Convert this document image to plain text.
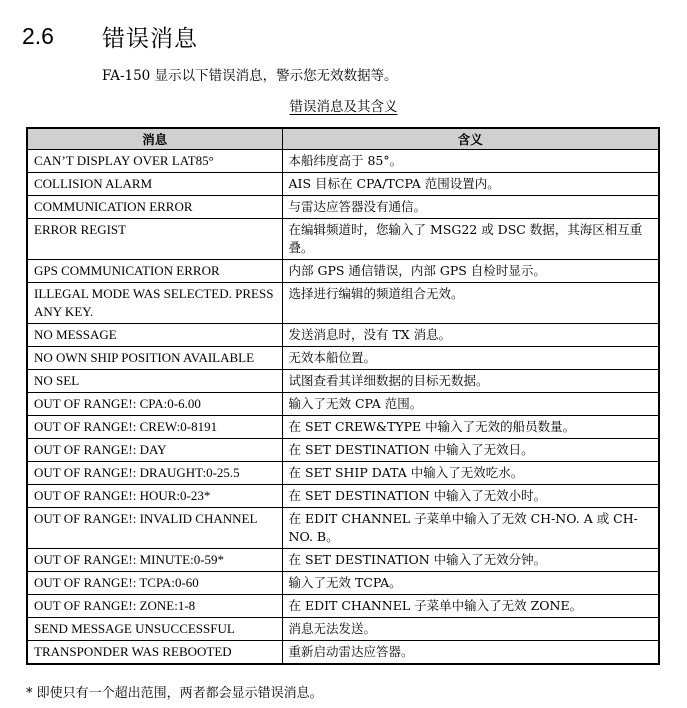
2.6	错误消息
FA-150 显示以下错误消息，警示您无效数据等。
错误消息及其含义
消息	含义
CAN’T DISPLAY OVER LAT85°	本船纬度高于 85°。
COLLISION ALARM	AIS 目标在 CPA/TCPA 范围设置内。
COMMUNICATION ERROR	与雷达应答器没有通信。
ERROR REGIST	在编辑频道时，您输入了 MSG22 或 DSC 数据，其海区相互重叠。
GPS COMMUNICATION ERROR	内部 GPS 通信错误，内部 GPS 自检时显示。
ILLEGAL MODE WAS SELECTED. PRESS ANY KEY.	选择进行编辑的频道组合无效。
NO MESSAGE	发送消息时，没有 TX 消息。
NO OWN SHIP POSITION AVAILABLE	无效本船位置。
NO SEL	试图查看其详细数据的目标无数据。
OUT OF RANGE!: CPA:0-6.00	输入了无效 CPA 范围。
OUT OF RANGE!: CREW:0-8191	在 SET CREW&TYPE 中输入了无效的船员数量。
OUT OF RANGE!: DAY	在 SET DESTINATION 中输入了无效日。
OUT OF RANGE!: DRAUGHT:0-25.5	在 SET SHIP DATA 中输入了无效吃水。
OUT OF RANGE!: HOUR:0-23*	在 SET DESTINATION 中输入了无效小时。
OUT OF RANGE!: INVALID CHANNEL	在 EDIT CHANNEL 子菜单中输入了无效 CH-NO. A 或 CH-NO. B。
OUT OF RANGE!: MINUTE:0-59*	在 SET DESTINATION 中输入了无效分钟。
OUT OF RANGE!: TCPA:0-60	输入了无效 TCPA。
OUT OF RANGE!: ZONE:1-8	在 EDIT CHANNEL 子菜单中输入了无效 ZONE。
SEND MESSAGE UNSUCCESSFUL	消息无法发送。
TRANSPONDER WAS REBOOTED	重新启动雷达应答器。
* 即使只有一个超出范围，两者都会显示错误消息。
